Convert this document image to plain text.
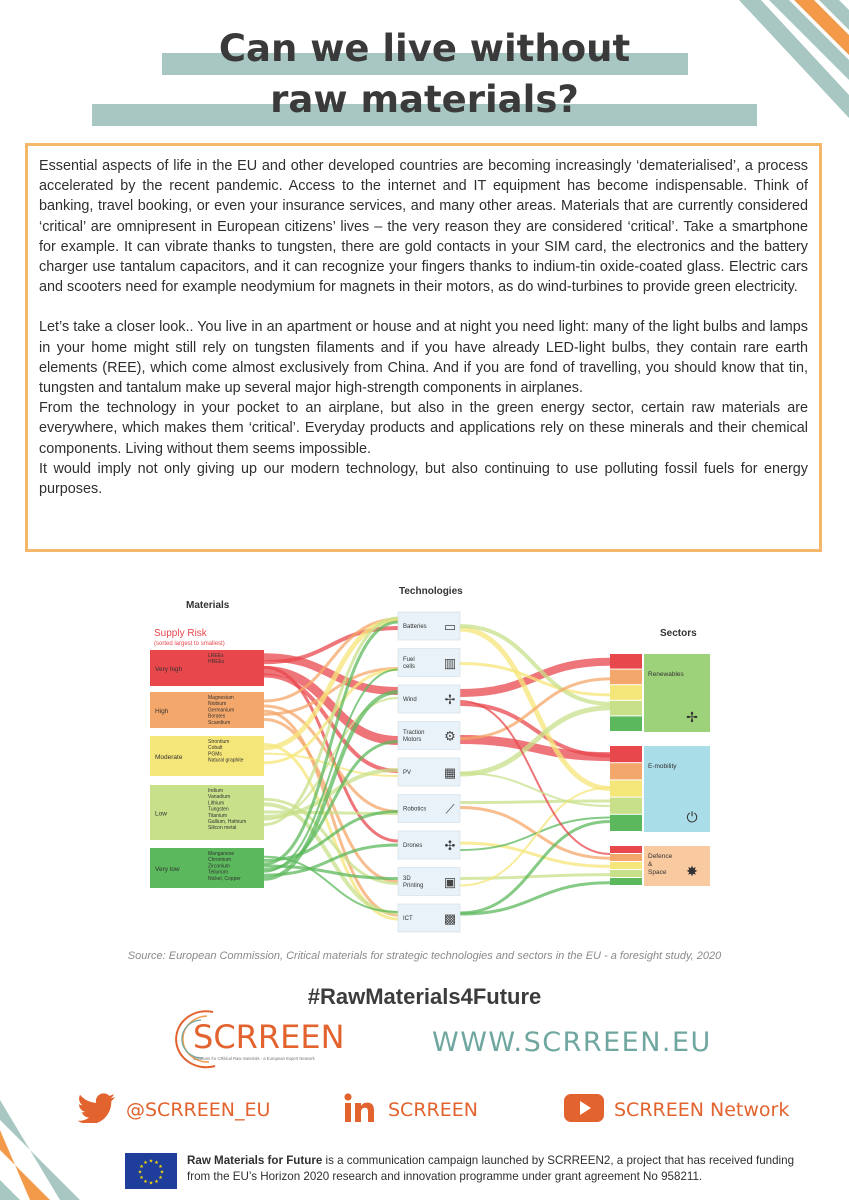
Can we live without
raw materials?

Essential aspects of life in the EU and other developed countries are becoming increasingly ‘dematerialised’, a process accelerated by the recent pandemic. Access to the internet and IT equipment has become indispensable. Think of banking, travel booking, or even your insurance services, and many other areas. Materials that are currently considered ‘critical’ are omnipresent in European citizens’ lives – the very reason they are considered ‘critical’. Take a smartphone for example. It can vibrate thanks to tungsten, there are gold contacts in your SIM card, the electronics and the battery charger use tantalum capacitors, and it can recognize your fingers thanks to indium-tin oxide-coated glass. Electric cars and scooters need for example neodymium for magnets in their motors, as do wind-turbines to provide green electricity.

Let’s take a closer look.. You live in an apartment or house and at night you need light: many of the light bulbs and lamps in your home might still rely on tungsten filaments and if you have already LED-light bulbs, they contain rare earth elements (REE), which come almost exclusively from China. And if you are fond of travelling, you should know that tin, tungsten and tantalum make up several major high-strength components in airplanes.

From the technology in your pocket to an airplane, but also in the green energy sector, certain raw materials are everywhere, which makes them ‘critical’. Everyday products and applications rely on these minerals and their chemical components. Living without them seems impossible.

It would imply not only giving up our modern technology, but also continuing to use polluting fossil fuels for energy purposes.

Very high
LREEs
HREEs
High
Magnesium
Niobium
Germanium
Borates
Scandium
Moderate
Strontium
Cobalt
PGMs
Natural graphite
Low
Indium
Vanadium
Lithium
Tungsten
Titanium
Gallium, Hafnium
Silicon metal
Very low
Manganese
Chromium
Zirconium
Tellurium
Nickel, Copper
Batteries ▭
Fuel
cells ▥
Wind ✢
Traction
Motors ⚙
PV	▦
Robotics ⟋
Drones ✣
3D
Printing ▣
ICT ▩
Renewables
✢
E-mobility
⏻
Defence
&
Space ✸
Materials
Supply Risk
(sorted largest to smallest)
Technologies
Sectors
Source: European Commission, Critical materials for strategic technologies and sectors in the EU - a foresight study, 2020
#RawMaterials4Future
SCRREEN
Solutions for CRitical Raw materials - a European Expert Network
WWW.SCRREEN.EU
@SCRREEN_EU	SCRREEN	SCRREEN Network
★
★
★
★
★
★
★
★
★ ★ ★
★ Raw Materials for Future is a communication campaign launched by SCRREEN2, a project that has received funding from the EU’s Horizon 2020 research and innovation programme under grant agreement No 958211.
